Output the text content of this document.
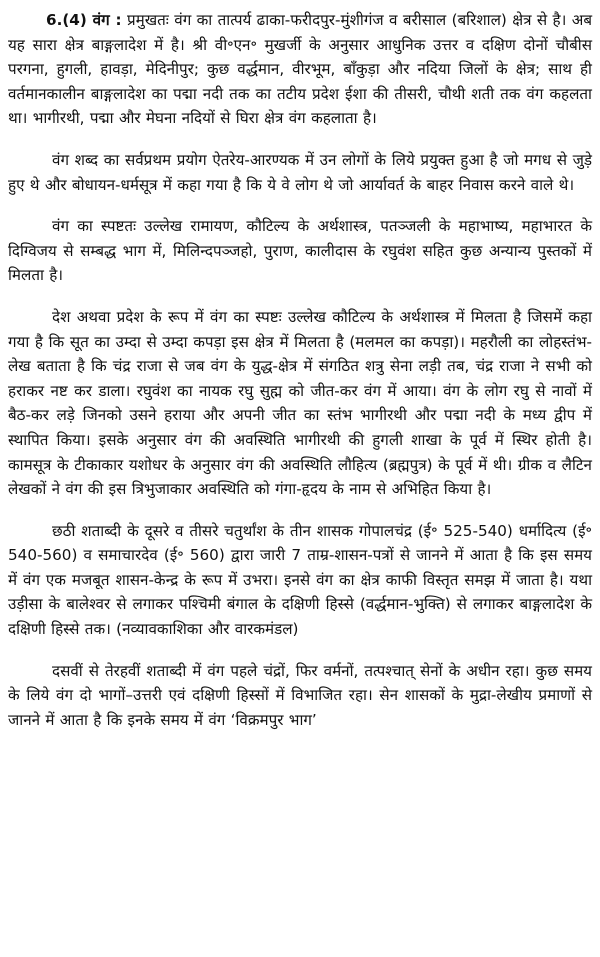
6.(4) वंग : प्रमुखतः वंग का तात्पर्य ढाका-फरीदपुर-मुंशीगंज व बरीसाल (बरिशाल) क्षेत्र से है। अब यह सारा क्षेत्र बाङ्गलादेश में है। श्री वी॰एन॰ मुखर्जी के अनुसार आधुनिक उत्तर व दक्षिण दोनों चौबीस परगना, हुगली, हावड़ा, मेदिनीपुर; कुछ वर्द्धमान, वीरभूम, बाँकुड़ा और नदिया जिलों के क्षेत्र; साथ ही वर्तमानकालीन बाङ्गलादेश का पद्मा नदी तक का तटीय प्रदेश ईशा की तीसरी, चौथी शती तक वंग कहलता था। भागीरथी, पद्मा और मेघना नदियों से घिरा क्षेत्र वंग कहलाता है।

वंग शब्द का सर्वप्रथम प्रयोग ऐतरेय-आरण्यक में उन लोगों के लिये प्रयुक्त हुआ है जो मगध से जुड़े हुए थे और बोधायन-धर्मसूत्र में कहा गया है कि ये वे लोग थे जो आर्यावर्त के बाहर निवास करने वाले थे।

वंग का स्पष्टतः उल्लेख रामायण, कौटिल्य के अर्थशास्त्र, पतञ्जली के महाभाष्य, महाभारत के दिग्विजय से सम्बद्ध भाग में, मिलिन्दपञ्जहो, पुराण, कालीदास के रघुवंश सहित कुछ अन्यान्य पुस्तकों में मिलता है।

देश अथवा प्रदेश के रूप में वंग का स्पष्टः उल्लेख कौटिल्य के अर्थशास्त्र में मिलता है जिसमें कहा गया है कि सूत का उम्दा से उम्दा कपड़ा इस क्षेत्र में मिलता है (मलमल का कपड़ा)। महरौली का लोहस्तंभ-लेख बताता है कि चंद्र राजा से जब वंग के युद्ध-क्षेत्र में संगठित शत्रु सेना लड़ी तब, चंद्र राजा ने सभी को हराकर नष्ट कर डाला। रघुवंश का नायक रघु सुह्म को जीत-कर वंग में आया। वंग के लोग रघु से नावों में बैठ-कर लड़े जिनको उसने हराया और अपनी जीत का स्तंभ भागीरथी और पद्मा नदी के मध्य द्वीप में स्थापित किया। इसके अनुसार वंग की अवस्थिति भागीरथी की हुगली शाखा के पूर्व में स्थिर होती है। कामसूत्र के टीकाकार यशोधर के अनुसार वंग की अवस्थिति लौहित्य (ब्रह्मपुत्र) के पूर्व में थी। ग्रीक व लैटिन लेखकों ने वंग की इस त्रिभुजाकार अवस्थिति को गंगा-हृदय के नाम से अभिहित किया है।

छठी शताब्दी के दूसरे व तीसरे चतुर्थांश के तीन शासक गोपालचंद्र (ई॰ 525-540) धर्मादित्य (ई॰ 540-560) व समाचारदेव (ई॰ 560) द्वारा जारी 7 ताम्र-शासन-पत्रों से जानने में आता है कि इस समय में वंग एक मजबूत शासन-केन्द्र के रूप में उभरा। इनसे वंग का क्षेत्र काफी विस्तृत समझ में जाता है। यथा उड़ीसा के बालेश्वर से लगाकर पश्चिमी बंगाल के दक्षिणी हिस्से (वर्द्धमान-भुक्ति) से लगाकर बाङ्गलादेश के दक्षिणी हिस्से तक। (नव्यावकाशिका और वारकमंडल)

दसवीं से तेरहवीं शताब्दी में वंग पहले चंद्रों, फिर वर्मनों, तत्पश्चात् सेनों के अधीन रहा। कुछ समय के लिये वंग दो भागों–उत्तरी एवं दक्षिणी हिस्सों में विभाजित रहा। सेन शासकों के मुद्रा-लेखीय प्रमाणों से जानने में आता है कि इनके समय में वंग ‘विक्रमपुर भाग’
